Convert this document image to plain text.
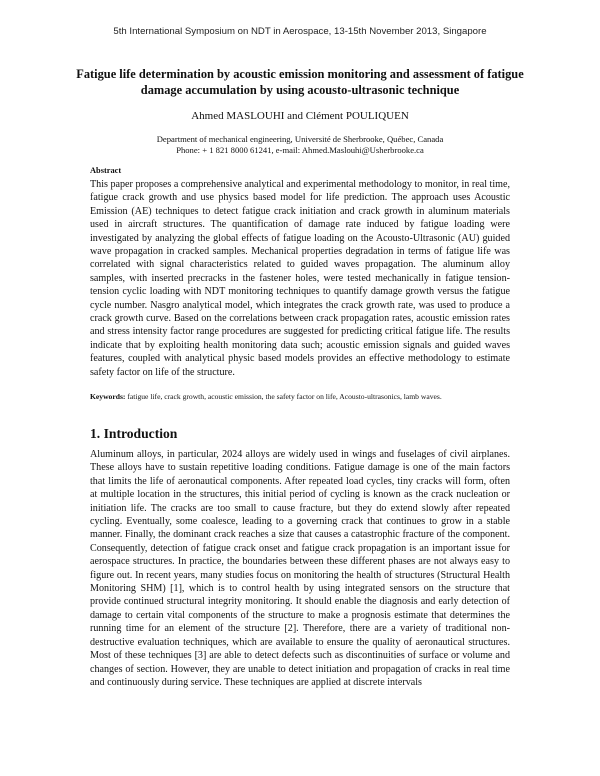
5th International Symposium on NDT in Aerospace, 13-15th November 2013, Singapore
Fatigue life determination by acoustic emission monitoring and assessment of fatigue damage accumulation by using acousto-ultrasonic technique
Ahmed MASLOUHI and Clément POULIQUEN
Department of mechanical engineering, Université de Sherbrooke, Québec, Canada
Phone: + 1 821 8000 61241, e-mail: Ahmed.Maslouhi@Usherbrooke.ca
Abstract

This paper proposes a comprehensive analytical and experimental methodology to monitor, in real time, fatigue crack growth and use physics based model for life prediction. The approach uses Acoustic Emission (AE) techniques to detect fatigue crack initiation and crack growth in aluminum materials used in aircraft structures. The quantification of damage rate induced by fatigue loading were investigated by analyzing the global effects of fatigue loading on the Acousto-Ultrasonic (AU) guided wave propagation in cracked samples. Mechanical properties degradation in terms of fatigue life was correlated with signal characteristics related to guided waves propagation. The aluminum alloy samples, with inserted precracks in the fastener holes, were tested mechanically in fatigue tension-tension cyclic loading with NDT monitoring techniques to quantify damage growth versus the fatigue cycle number. Nasgro analytical model, which integrates the crack growth rate, was used to produce a crack growth curve. Based on the correlations between crack propagation rates, acoustic emission rates and stress intensity factor range procedures are suggested for predicting critical fatigue life. The results indicate that by exploiting health monitoring data such; acoustic emission signals and guided waves features, coupled with analytical physic based models provides an effective methodology to estimate safety factor on life of the structure.

Keywords: fatigue life, crack growth, acoustic emission, the safety factor on life, Acousto-ultrasonics, lamb waves.

1. Introduction

Aluminum alloys, in particular, 2024 alloys are widely used in wings and fuselages of civil airplanes. These alloys have to sustain repetitive loading conditions. Fatigue damage is one of the main factors that limits the life of aeronautical components. After repeated load cycles, tiny cracks will form, often at multiple location in the structures, this initial period of cycling is known as the crack nucleation or initiation life. The cracks are too small to cause fracture, but they do extend slowly after repeated cycling. Eventually, some coalesce, leading to a governing crack that continues to grow in a stable manner. Finally, the dominant crack reaches a size that causes a catastrophic fracture of the component. Consequently, detection of fatigue crack onset and fatigue crack propagation is an important issue for aerospace structures. In practice, the boundaries between these different phases are not always easy to figure out. In recent years, many studies focus on monitoring the health of structures (Structural Health Monitoring SHM) [1], which is to control health by using integrated sensors on the structure that provide continued structural integrity monitoring. It should enable the diagnosis and early detection of damage to certain vital components of the structure to make a prognosis estimate that determines the running time for an element of the structure [2]. Therefore, there are a variety of traditional non-destructive evaluation techniques, which are available to ensure the quality of aeronautical structures. Most of these techniques [3] are able to detect defects such as discontinuities of surface or volume and changes of section. However, they are unable to detect initiation and propagation of cracks in real time and continuously during service. These techniques are applied at discrete intervals
